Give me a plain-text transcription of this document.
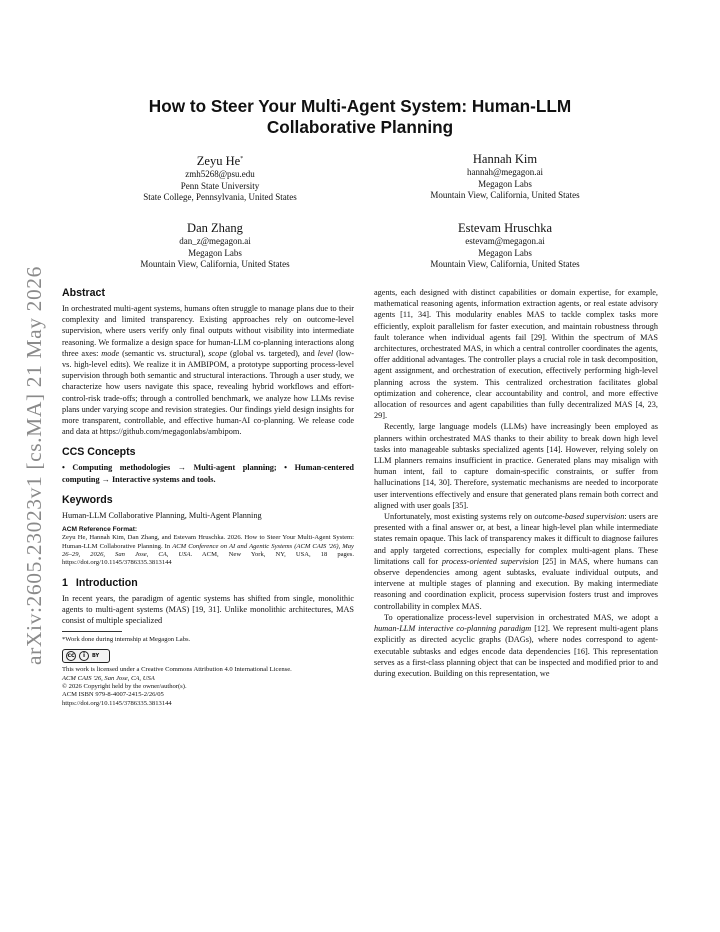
arXiv:2605.23023v1 [cs.MA] 21 May 2026
How to Steer Your Multi-Agent System: Human-LLM
Collaborative Planning
Zeyu He*
zmh5268@psu.edu
Penn State University
State College, Pennsylvania, United States
Hannah Kim
hannah@megagon.ai
Megagon Labs
Mountain View, California, United States
Dan Zhang
dan_z@megagon.ai
Megagon Labs
Mountain View, California, United States
Estevam Hruschka
estevam@megagon.ai
Megagon Labs
Mountain View, California, United States
Abstract

In orchestrated multi-agent systems, humans often struggle to manage plans due to their complexity and limited transparency. Existing approaches rely on outcome-level supervision, where users verify only final outputs without visibility into intermediate reasoning. We formalize a design space for human-LLM co-planning interactions along three axes: mode (semantic vs. structural), scope (global vs. targeted), and level (low- vs. high-level edits). We realize it in AMBIPOM, a prototype supporting process-level supervision through both semantic and structural interactions. Through a user study, we characterize how users navigate this space, revealing hybrid workflows and effort-control-risk trade-offs; through a controlled benchmark, we analyze how LLMs revise plans under varying scope and revision strategies. Our findings yield design insights for more transparent, controllable, and effective human-AI co-planning. We release code and data at https://github.com/megagonlabs/ambipom.

CCS Concepts

• Computing methodologies → Multi-agent planning; • Human-centered computing → Interactive systems and tools.

Keywords

Human-LLM Collaborative Planning, Multi-Agent Planning

ACM Reference Format:
Zeyu He, Hannah Kim, Dan Zhang, and Estevam Hruschka. 2026. How to Steer Your Multi-Agent System: Human-LLM Collaborative Planning. In ACM Conference on AI and Agentic Systems (ACM CAIS '26), May 26–29, 2026, San Jose, CA, USA. ACM, New York, NY, USA, 18 pages. https://doi.org/10.1145/3786335.3813144
1 Introduction

In recent years, the paradigm of agentic systems has shifted from single, monolithic agents to multi-agent systems (MAS) [19, 31]. Unlike monolithic architectures, MAS consist of multiple specialized

*Work done during internship at Megagon Labs.
cc	i	BY
This work is licensed under a Creative Commons Attribution 4.0 International License.
ACM CAIS '26, San Jose, CA, USA
© 2026 Copyright held by the owner/author(s).
ACM ISBN 979-8-4007-2415-2/26/05
https://doi.org/10.1145/3786335.3813144

agents, each designed with distinct capabilities or domain expertise, for example, mathematical reasoning agents, information extraction agents, or real estate advisory agents [11, 34]. This modularity enables MAS to tackle complex tasks more efficiently, exploit parallelism for faster execution, and maintain robustness through fault tolerance when individual agents fail [29]. Within the spectrum of MAS architectures, orchestrated MAS, in which a central controller coordinates the agents, offer additional advantages. The controller plays a crucial role in task decomposition, agent assignment, and orchestration of execution, effectively performing high-level planning across the system. This centralized orchestration facilitates global optimization and coherence, clear accountability and control, and more effective allocation of resources and agent capabilities than fully decentralized MAS [4, 23, 29].

Recently, large language models (LLMs) have increasingly been employed as planners within orchestrated MAS thanks to their ability to break down high level tasks into manageable subtasks specialized agents [14]. However, relying solely on LLM planners remains insufficient in practice. Generated plans may misalign with human intent, fail to capture domain-specific constraints, or suffer from hallucinations [14, 30]. Therefore, systematic mechanisms are needed to incorporate user interventions effectively and ensure that generated plans remain both correct and aligned with user goals [35].

Unfortunately, most existing systems rely on outcome-based supervision: users are presented with a final answer or, at best, a linear high-level plan while intermediate states remain opaque. This lack of transparency makes it difficult to diagnose failures and apply targeted corrections, especially for complex multi-agent plans. These limitations call for process-oriented supervision [25] in MAS, where humans can observe dependencies among agent subtasks, evaluate individual outputs, and intervene at multiple stages of planning and execution. By making intermediate reasoning and coordination explicit, process supervision fosters trust and improves controllability in complex MAS.

To operationalize process-level supervision in orchestrated MAS, we adopt a human-LLM interactive co-planning paradigm [12]. We represent multi-agent plans explicitly as directed acyclic graphs (DAGs), where nodes correspond to agent-executable subtasks and edges encode data dependencies [16]. This representation serves as a first-class planning object that can be inspected and modified prior to and during execution. Building on this representation, we
